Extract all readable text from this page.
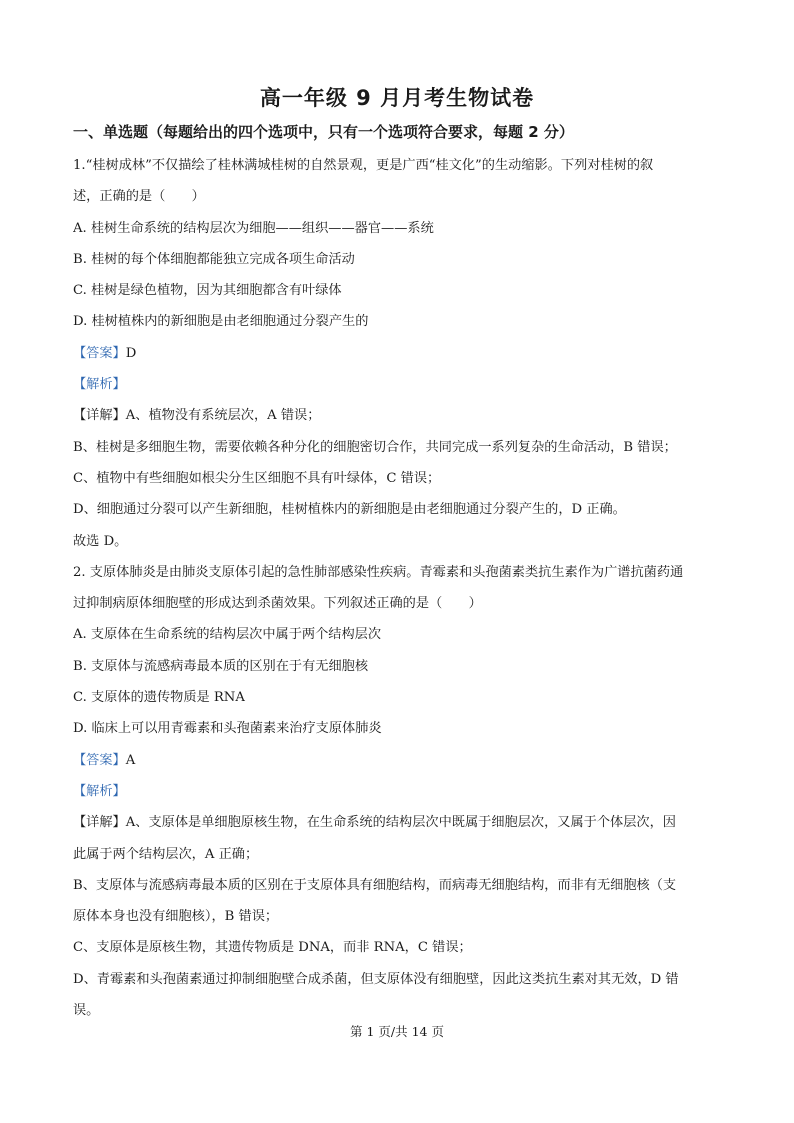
高一年级 9 月月考生物试卷
一、单选题（每题给出的四个选项中，只有一个选项符合要求，每题 2 分）
1.“桂树成林”不仅描绘了桂林满城桂树的自然景观，更是广西“桂文化”的生动缩影。下列对桂树的叙
述，正确的是（　　）
A. 桂树生命系统的结构层次为细胞——组织——器官——系统
B. 桂树的每个体细胞都能独立完成各项生命活动
C. 桂树是绿色植物，因为其细胞都含有叶绿体
D. 桂树植株内的新细胞是由老细胞通过分裂产生的
【答案】D
【解析】
【详解】A、植物没有系统层次，A 错误；
B、桂树是多细胞生物，需要依赖各种分化的细胞密切合作，共同完成一系列复杂的生命活动，B 错误；
C、植物中有些细胞如根尖分生区细胞不具有叶绿体，C 错误；
D、细胞通过分裂可以产生新细胞，桂树植株内的新细胞是由老细胞通过分裂产生的，D 正确。
故选 D。
2. 支原体肺炎是由肺炎支原体引起的急性肺部感染性疾病。青霉素和头孢菌素类抗生素作为广谱抗菌药通
过抑制病原体细胞壁的形成达到杀菌效果。下列叙述正确的是（　　）
A. 支原体在生命系统的结构层次中属于两个结构层次
B. 支原体与流感病毒最本质的区别在于有无细胞核
C. 支原体的遗传物质是 RNA
D. 临床上可以用青霉素和头孢菌素来治疗支原体肺炎
【答案】A
【解析】
【详解】A、支原体是单细胞原核生物，在生命系统的结构层次中既属于细胞层次，又属于个体层次，因
此属于两个结构层次，A 正确；
B、支原体与流感病毒最本质的区别在于支原体具有细胞结构，而病毒无细胞结构，而非有无细胞核（支
原体本身也没有细胞核），B 错误；
C、支原体是原核生物，其遗传物质是 DNA，而非 RNA，C 错误；
D、青霉素和头孢菌素通过抑制细胞壁合成杀菌，但支原体没有细胞壁，因此这类抗生素对其无效，D 错
误。
第 1 页/共 14 页
